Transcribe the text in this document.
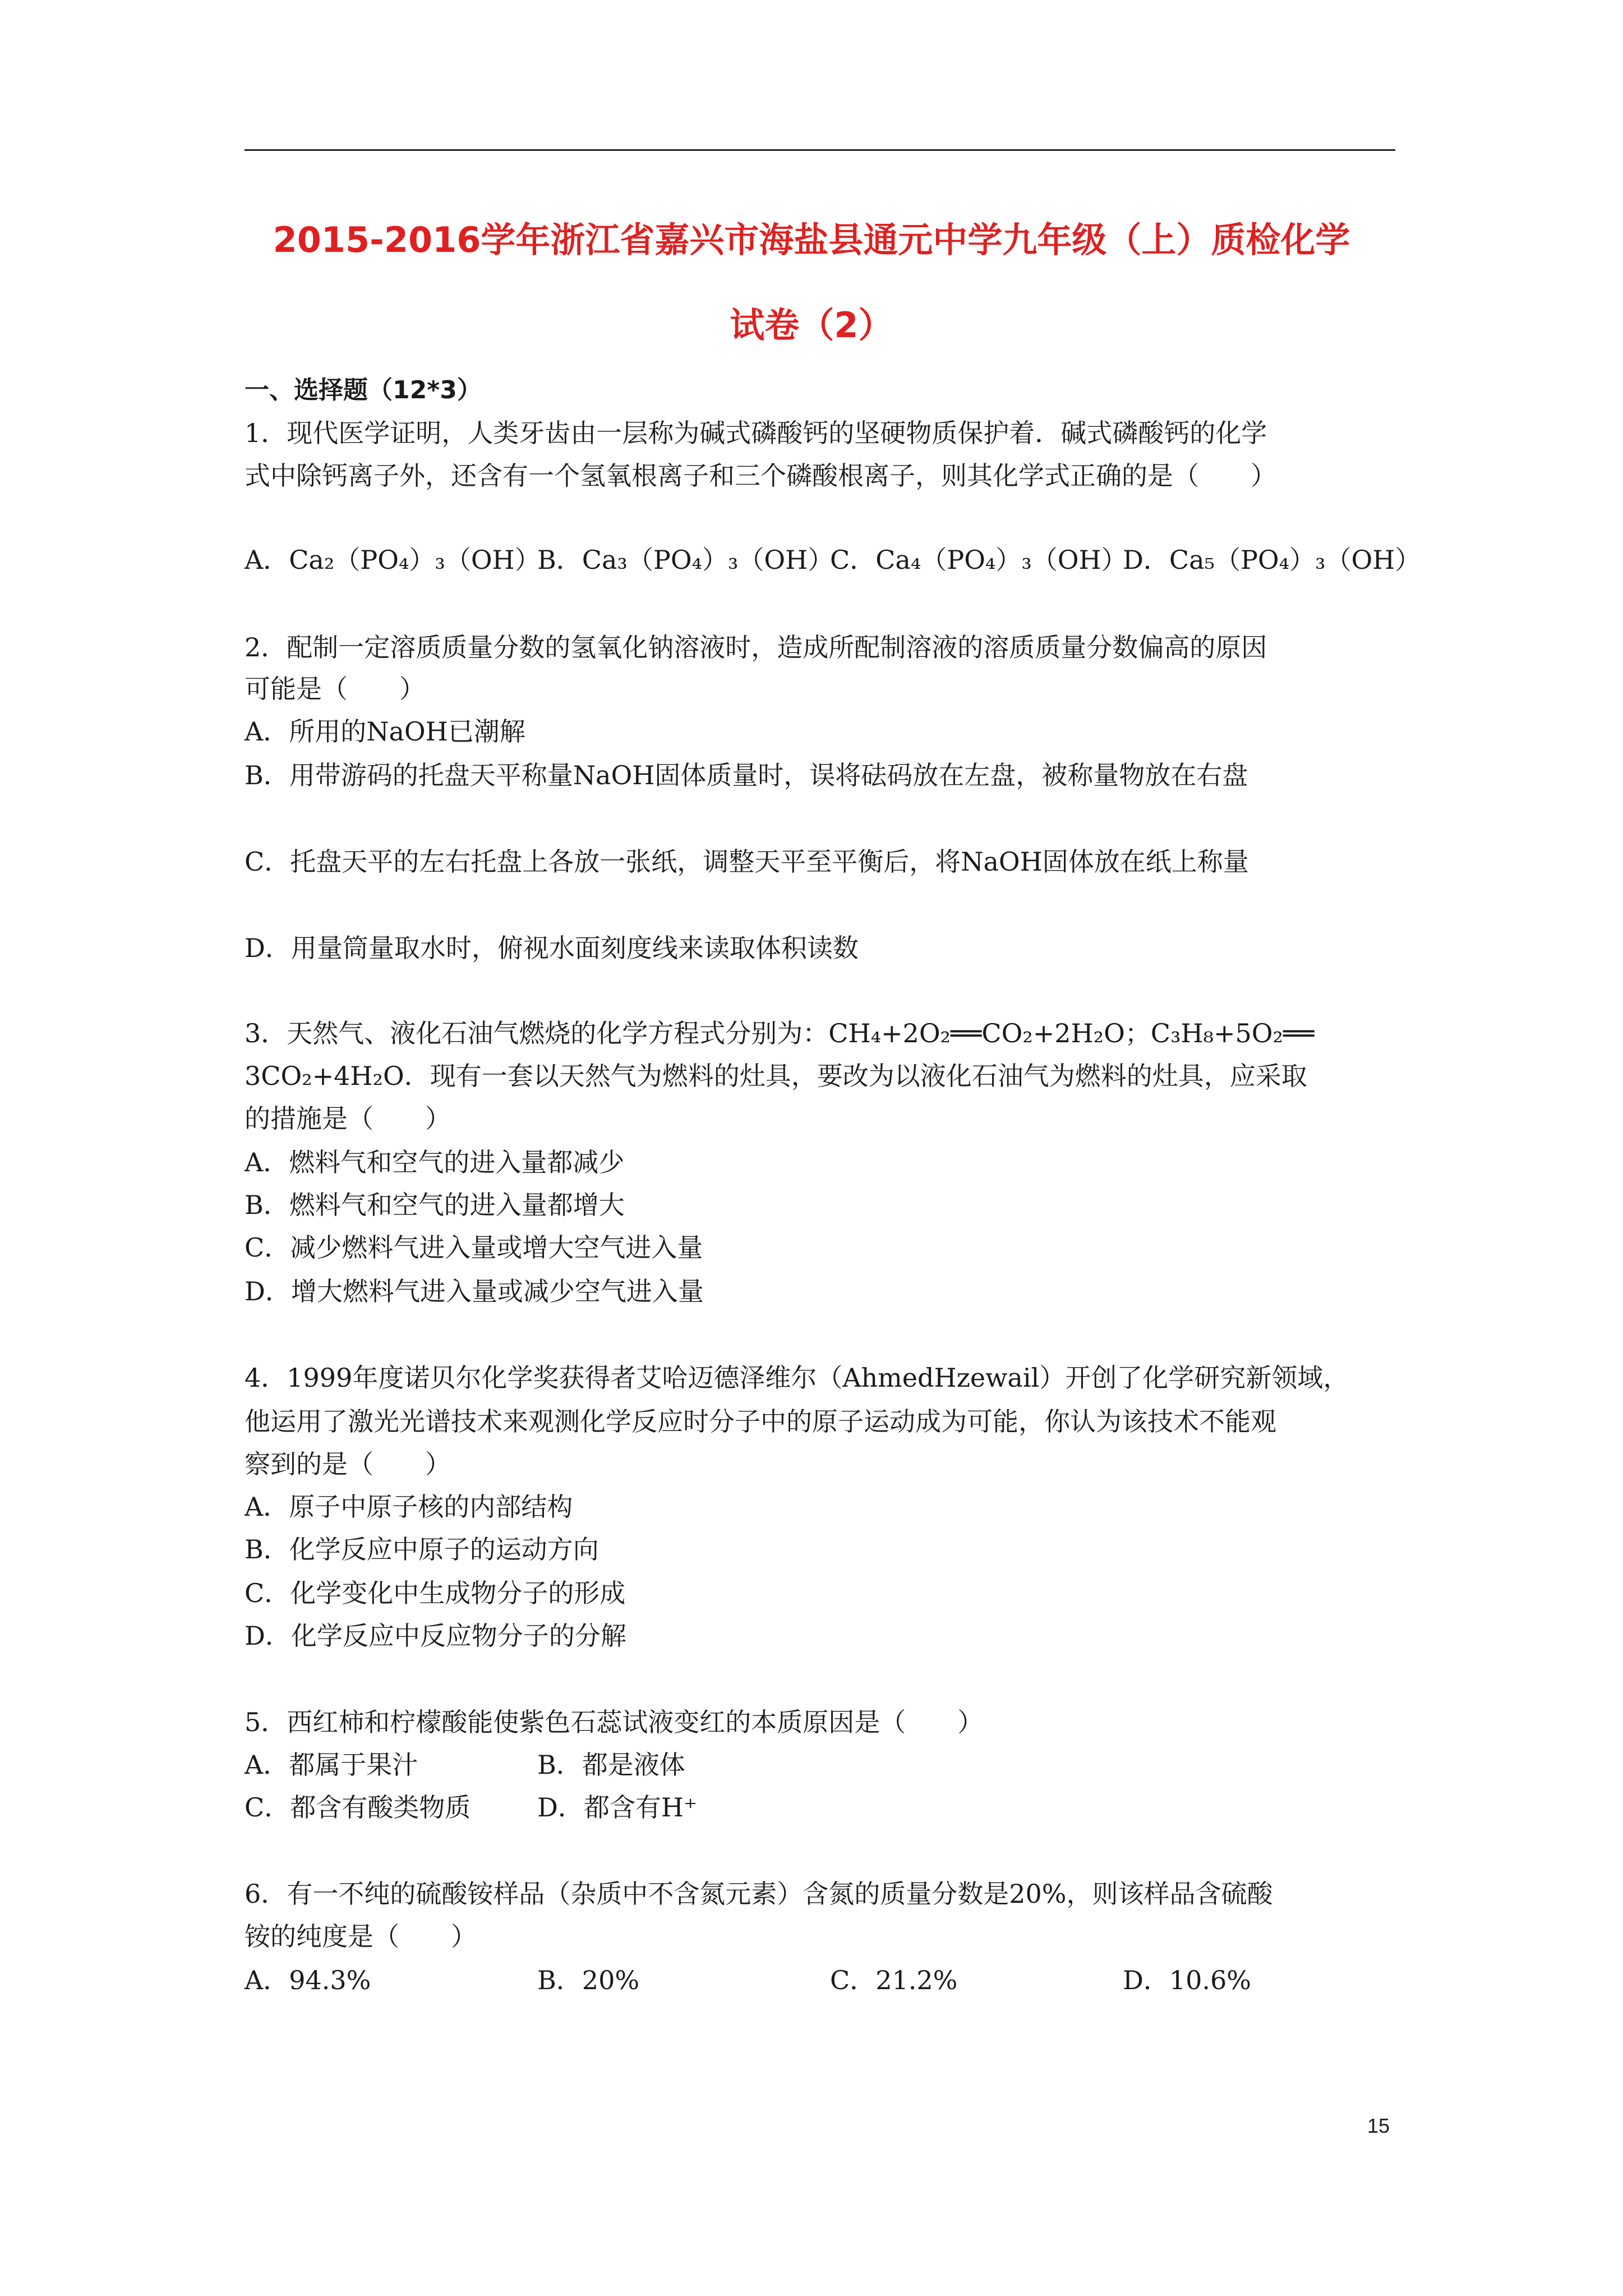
2015-2016学年浙江省嘉兴市海盐县通元中学九年级（上）质检化学
试卷（2）

一、选择题（12*3）

1．现代医学证明，人类牙齿由一层称为碱式磷酸钙的坚硬物质保护着．碱式磷酸钙的化学

式中除钙离子外，还含有一个氢氧根离子和三个磷酸根离子，则其化学式正确的是（　　）

A．Ca₂（PO₄）₃（OH）
B．Ca₃（PO₄）₃（OH）
C．Ca₄（PO₄）₃（OH）
D．Ca₅（PO₄）₃（OH）

2．配制一定溶质质量分数的氢氧化钠溶液时，造成所配制溶液的溶质质量分数偏高的原因

可能是（　　）

A．所用的NaOH已潮解

B．用带游码的托盘天平称量NaOH固体质量时，误将砝码放在左盘，被称量物放在右盘

C．托盘天平的左右托盘上各放一张纸，调整天平至平衡后，将NaOH固体放在纸上称量

D．用量筒量取水时，俯视水面刻度线来读取体积读数

3．天然气、液化石油气燃烧的化学方程式分别为：CH₄+2O₂══CO₂+2H₂O；C₃H₈+5O₂══

3CO₂+4H₂O．现有一套以天然气为燃料的灶具，要改为以液化石油气为燃料的灶具，应采取

的措施是（　　）

A．燃料气和空气的进入量都减少

B．燃料气和空气的进入量都增大

C．减少燃料气进入量或增大空气进入量

D．增大燃料气进入量或减少空气进入量

4．1999年度诺贝尔化学奖获得者艾哈迈德泽维尔（AhmedHzewail）开创了化学研究新领域，

他运用了激光光谱技术来观测化学反应时分子中的原子运动成为可能，你认为该技术不能观

察到的是（　　）

A．原子中原子核的内部结构

B．化学反应中原子的运动方向

C．化学变化中生成物分子的形成

D．化学反应中反应物分子的分解

5．西红柿和柠檬酸能使紫色石蕊试液变红的本质原因是（　　）

A．都属于果汁	B．都是液体
C．都含有酸类物质	D．都含有H⁺

6．有一不纯的硫酸铵样品（杂质中不含氮元素）含氮的质量分数是20%，则该样品含硫酸

铵的纯度是（　　）

A．94.3%	B．20%	C．21.2%	D．10.6%
15
